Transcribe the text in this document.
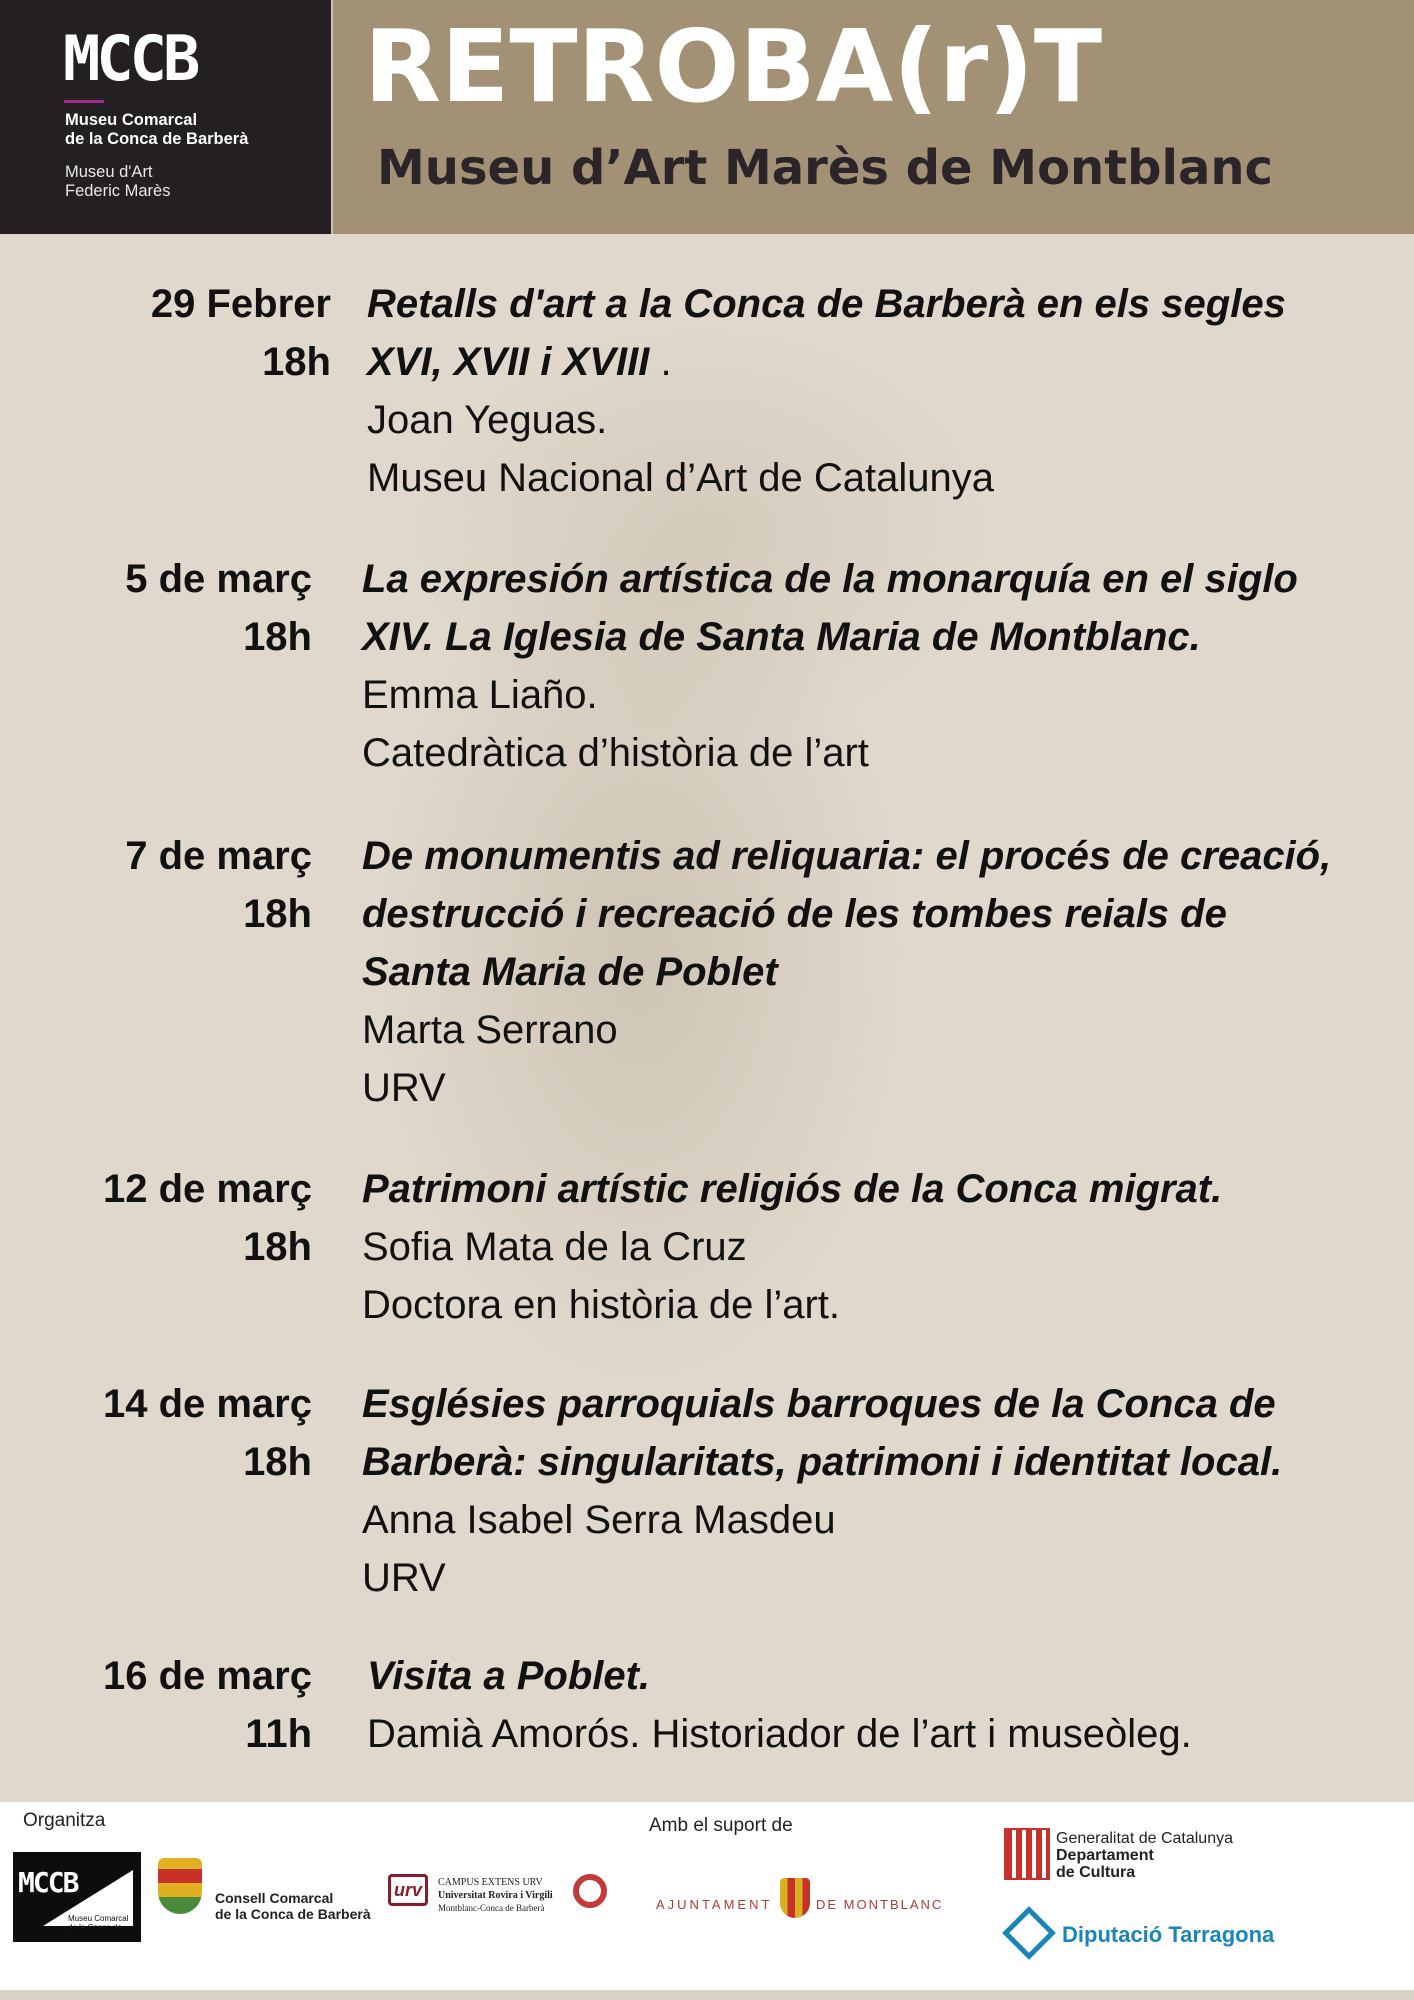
MCCB
Museu Comarcal
de la Conca de Barberà
Museu d'Art
Federic Marès
RETROBA(r)T
Museu d’Art Marès de Montblanc
29 Febrer
18h
Retalls d'art a la Conca de Barberà en els segles
XVI, XVII i XVIII .
Joan Yeguas.
Museu Nacional d’Art de Catalunya
5 de març
18h
La expresión artística de la monarquía en el siglo
XIV. La Iglesia de Santa Maria de Montblanc.
Emma Liaño.
Catedràtica d’història de l’art
7 de març
18h
De monumentis ad reliquaria: el procés de creació,
destrucció i recreació de les tombes reials de
Santa Maria de Poblet
Marta Serrano
URV
12 de març
18h
Patrimoni artístic religiós de la Conca migrat.
Sofia Mata de la Cruz
Doctora en història de l’art.
14 de març
18h
Esglésies parroquials barroques de la Conca de
Barberà: singularitats, patrimoni i identitat local.
Anna Isabel Serra Masdeu
URV
16 de març
11h
Visita a Poblet.
Damià Amorós. Historiador de l’art i museòleg.
Organitza	Amb el suport de
MCCB
Museu Comarcal
de la Conca de Barberà
Consell Comarcal
de la Conca de Barberà
urv	CAMPUS EXTENS URV
Universitat Rovira i Virgili
Montblanc-Conca de Barberà	AJUNTAMENT	DE MONTBLANC
Generalitat de Catalunya
Departament
de Cultura
Diputació Tarragona
